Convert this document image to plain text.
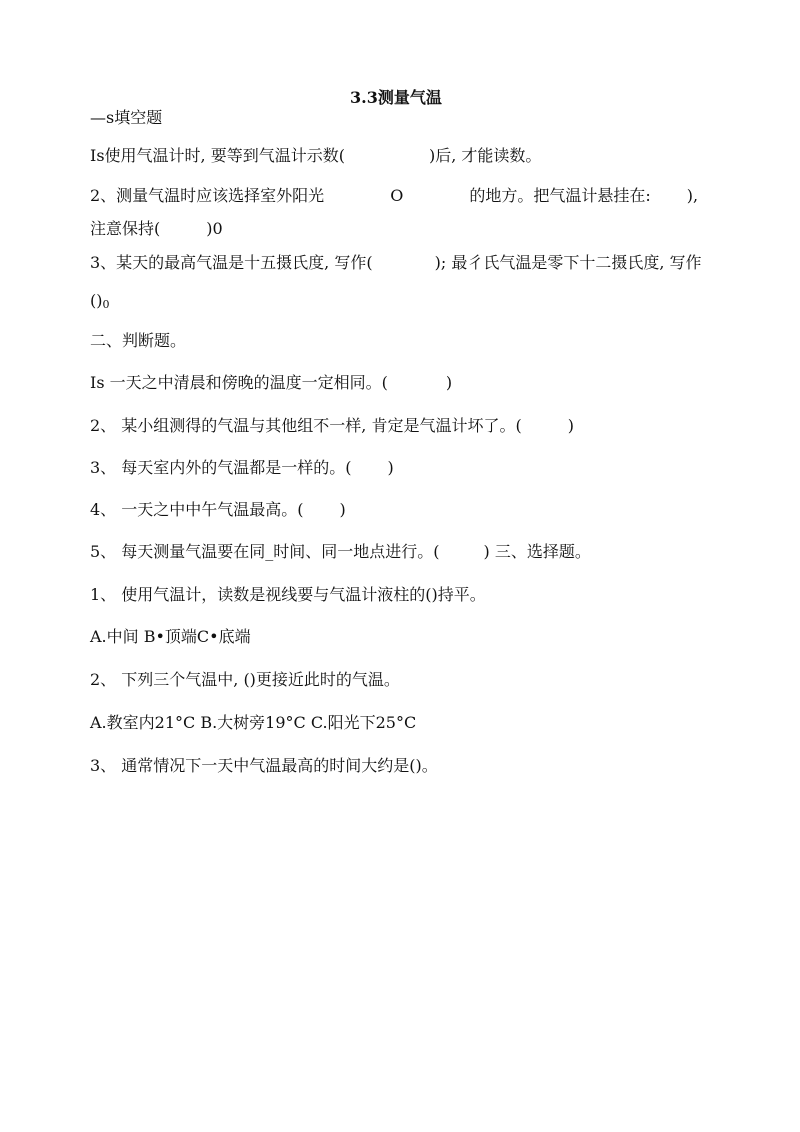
3.3测量气温
—s填空题
Is使用气温计时, 要等到气温计示数(	)后, 才能读数。
2、测量气温时应该选择室外阳光	O	的地方。把气温计悬挂在: ),
注意保持(	)0
3、某天的最高气温是十五摄氏度, 写作(	); 最彳氏气温是零下十二摄氏度, 写作
()0
二、判断题。
Is 一天之中清晨和傍晚的温度一定相同。(	)
2、 某小组测得的气温与其他组不一样, 肯定是气温计坏了。(	)
3、 每天室内外的气温都是一样的。( )
4、 一天之中中午气温最高。( )
5、 每天测量气温要在同_时间、同一地点进行。(	) 三、选择题。
1、 使用气温计，读数是视线要与气温计液柱的()持平。
A.中间 B•顶端C•底端
2、 下列三个气温中, ()更接近此时的气温。
A.教室内21°C B.大树旁19°C C.阳光下25°C
3、 通常情况下一天中气温最高的时间大约是()。
